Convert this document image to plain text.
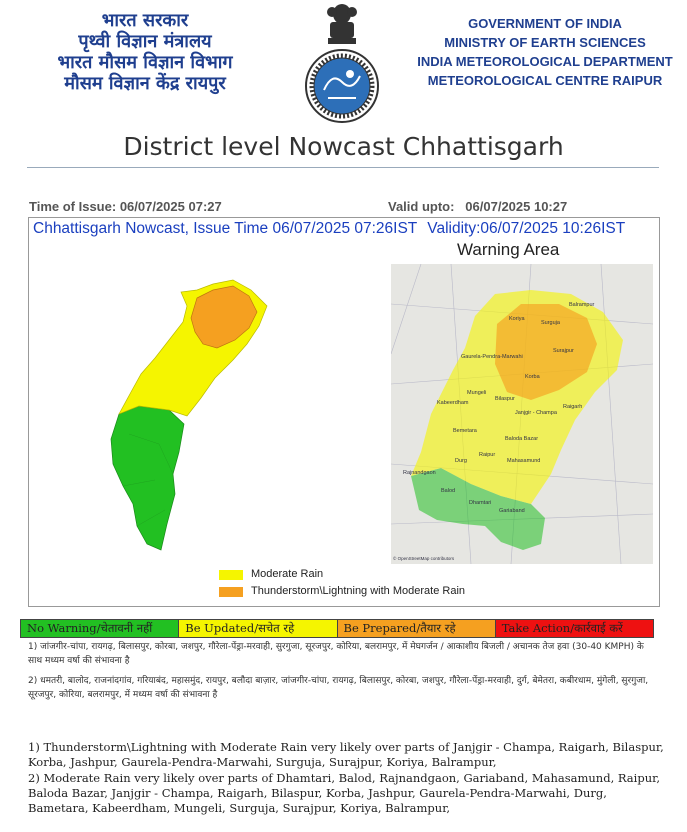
भारत सरकार
पृथ्वी विज्ञान मंत्रालय
भारत मौसम विज्ञान विभाग
मौसम विज्ञान केंद्र रायपुर
GOVERNMENT OF INDIA
MINISTRY OF EARTH SCIENCES
INDIA METEOROLOGICAL DEPARTMENT
METEOROLOGICAL CENTRE RAIPUR
District level Nowcast Chhattisgarh
Time of Issue: 06/07/2025 07:27	Valid upto: 06/07/2025 10:27
Chhattisgarh Nowcast, Issue Time 06/07/2025 07:26IST Validity:06/07/2025 10:26IST
Warning Area
Balrampur
Koriya
Surguja
Gaurela-Pendra-Marwahi
Surajpur
Korba
Mungeli
Bilaspur
Raigarh
Kabeerdham
Janjgir - Champa
Bemetara
Baloda Bazar
Durg
Raipur
Mahasamund
Rajnandgaon
Balod
Dhamtari
Gariaband
© OpenStreetMap contributors
Moderate Rain
Thunderstorm\Lightning with Moderate Rain
No Warning/चेतावनी नहीं	Be Updated/सचेत रहे	Be Prepared/तैयार रहे	Take Action/कार्रवाई करें
1) जांजगीर-चांपा, रायगढ़, बिलासपुर, कोरबा, जशपुर, गौरेला-पेंड्रा-मरवाही, सुरगुजा, सूरजपुर, कोरिया, बलरामपुर, में मेघगर्जन / आकाशीय बिजली / अचानक तेज हवा (30-40 KMPH) के साथ मध्यम वर्षा की संभावना है
2) धमतरी, बालोद, राजनांदगांव, गरियाबंद, महासमुंद, रायपुर, बलौदा बाज़ार, जांजगीर-चांपा, रायगढ़, बिलासपुर, कोरबा, जशपुर, गौरेला-पेंड्रा-मरवाही, दुर्ग, बेमेतरा, कबीरधाम, मुंगेली, सुरगुजा, सूरजपुर, कोरिया, बलरामपुर, में मध्यम वर्षा की संभावना है
1) Thunderstorm\Lightning with Moderate Rain very likely over parts of Janjgir - Champa, Raigarh, Bilaspur, Korba, Jashpur, Gaurela-Pendra-Marwahi, Surguja, Surajpur, Koriya, Balrampur,
2) Moderate Rain very likely over parts of Dhamtari, Balod, Rajnandgaon, Gariaband, Mahasamund, Raipur, Baloda Bazar, Janjgir - Champa, Raigarh, Bilaspur, Korba, Jashpur, Gaurela-Pendra-Marwahi, Durg, Bametara, Kabeerdham, Mungeli, Surguja, Surajpur, Koriya, Balrampur,
